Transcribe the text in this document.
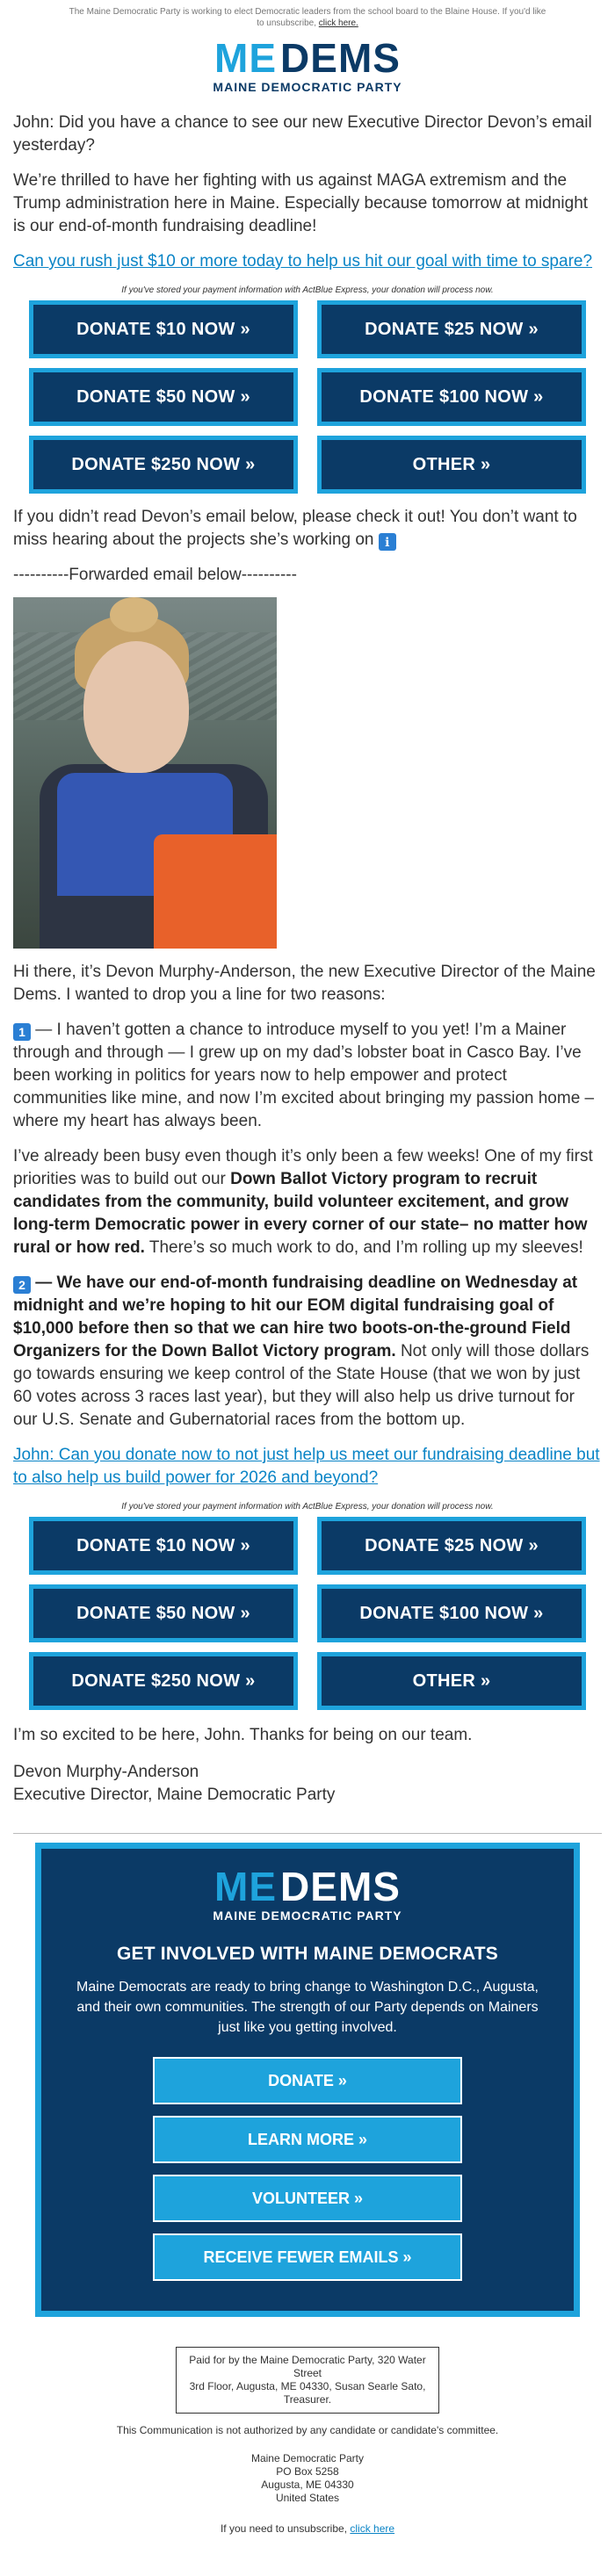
The Maine Democratic Party is working to elect Democratic leaders from the school board to the Blaine House. If you'd like to unsubscribe, click here.
ME DEMS
MAINE DEMOCRATIC PARTY

John: Did you have a chance to see our new Executive Director Devon’s email yesterday?

We’re thrilled to have her fighting with us against MAGA extremism and the Trump administration here in Maine. Especially because tomorrow at midnight is our end-of-month fundraising deadline!

Can you rush just $10 or more today to help us hit our goal with time to spare?

If you've stored your payment information with ActBlue Express, your donation will process now.
DONATE $10 NOW »	DONATE $25 NOW »
DONATE $50 NOW »	DONATE $100 NOW »
DONATE $250 NOW »	OTHER »

If you didn’t read Devon’s email below, please check it out! You don’t want to miss hearing about the projects she’s working on ℹ

----------Forwarded email below----------

Hi there, it’s Devon Murphy-Anderson, the new Executive Director of the Maine Dems. I wanted to drop you a line for two reasons:

1 — I haven’t gotten a chance to introduce myself to you yet! I’m a Mainer through and through — I grew up on my dad’s lobster boat in Casco Bay. I’ve been working in politics for years now to help empower and protect communities like mine, and now I’m excited about bringing my passion home – where my heart has always been.

I’ve already been busy even though it’s only been a few weeks! One of my first priorities was to build out our Down Ballot Victory program to recruit candidates from the community, build volunteer excitement, and grow long-term Democratic power in every corner of our state– no matter how rural or how red. There’s so much work to do, and I’m rolling up my sleeves!

2 — We have our end-of-month fundraising deadline on Wednesday at midnight and we’re hoping to hit our EOM digital fundraising goal of $10,000 before then so that we can hire two boots-on-the-ground Field Organizers for the Down Ballot Victory program. Not only will those dollars go towards ensuring we keep control of the State House (that we won by just 60 votes across 3 races last year), but they will also help us drive turnout for our U.S. Senate and Gubernatorial races from the bottom up.

John: Can you donate now to not just help us meet our fundraising deadline but to also help us build power for 2026 and beyond?

If you've stored your payment information with ActBlue Express, your donation will process now.
DONATE $10 NOW »	DONATE $25 NOW »
DONATE $50 NOW »	DONATE $100 NOW »
DONATE $250 NOW »	OTHER »

I’m so excited to be here, John. Thanks for being on our team.

Devon Murphy-Anderson
Executive Director, Maine Democratic Party
ME DEMS
MAINE DEMOCRATIC PARTY
GET INVOLVED WITH MAINE DEMOCRATS
Maine Democrats are ready to bring change to Washington D.C., Augusta, and their own communities. The strength of our Party depends on Mainers just like you getting involved.
DONATE »
LEARN MORE »
VOLUNTEER »
RECEIVE FEWER EMAILS »
Paid for by the Maine Democratic Party, 320 Water Street
3rd Floor, Augusta, ME 04330, Susan Searle Sato, Treasurer.
This Communication is not authorized by any candidate or candidate's committee.
Maine Democratic Party
PO Box 5258
Augusta, ME 04330
United States
If you need to unsubscribe, click here
